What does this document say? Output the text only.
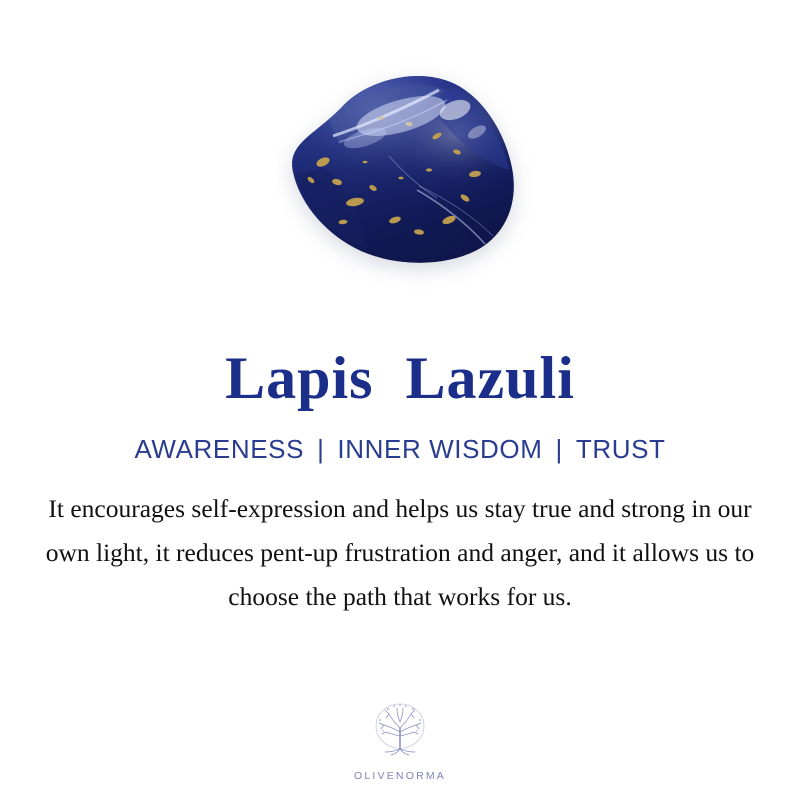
Lapis  Lazuli
AWARENESS | INNER WISDOM | TRUST
It encourages self-expression and helps us stay true and strong in our own light, it reduces pent-up frustration and anger, and it allows us to choose the path that works for us.
OLIVENORMA
